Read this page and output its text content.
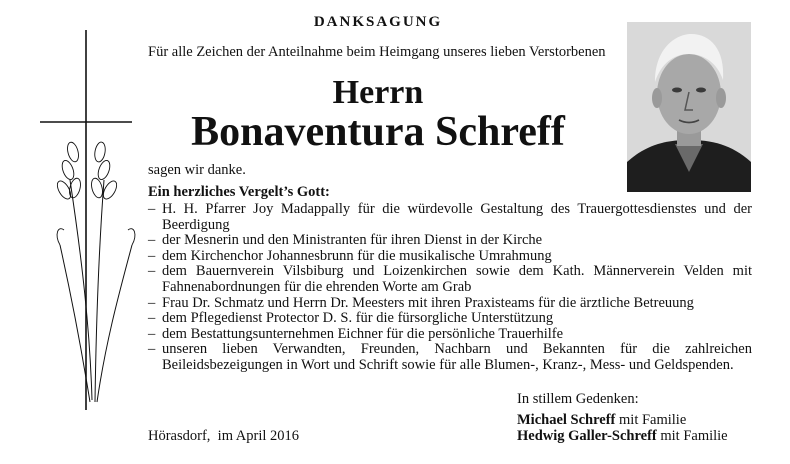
DANKSAGUNG
Für alle Zeichen der Anteilnahme beim Heimgang unseres lieben Verstorbenen
Herrn
Bonaventura Schreff
sagen wir danke.
Ein herzliches Vergelt’s Gott:
– H. H. Pfarrer Joy Madappally für die würdevolle Gestaltung des Trauergottesdienstes und der Beerdigung
– der Mesnerin und den Ministranten für ihren Dienst in der Kirche
– dem Kirchenchor Johannesbrunn für die musikalische Umrahmung
– dem Bauernverein Vilsbiburg und Loizenkirchen sowie dem Kath. Männerverein Velden mit Fahnenabordnungen für die ehrenden Worte am Grab
– Frau Dr. Schmatz und Herrn Dr. Meesters mit ihren Praxisteams für die ärztliche Betreuung
– dem Pflegedienst Protector D. S. für die fürsorgliche Unterstützung
– dem Bestattungsunternehmen Eichner für die persönliche Trauerhilfe
– unseren lieben Verwandten, Freunden, Nachbarn und Bekannten für die zahlreichen Beileidsbezeigungen in Wort und Schrift sowie für alle Blumen-, Kranz-, Mess- und Geldspenden.
In stillem Gedenken:
Michael Schreff mit Familie
Hedwig Galler-Schreff mit Familie
Hörasdorf,  im April 2016
